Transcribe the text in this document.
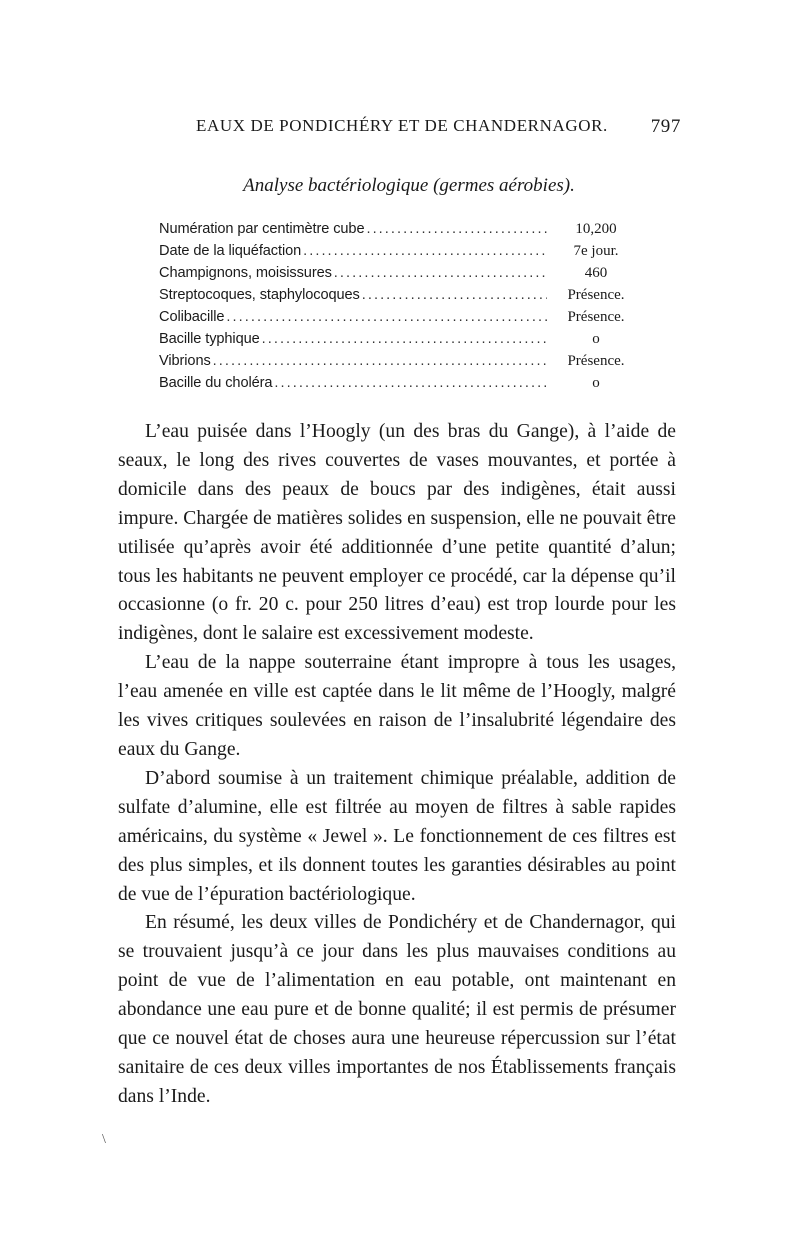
EAUX DE PONDICHÉRY ET DE CHANDERNAGOR. 797
Analyse bactériologique (germes aérobies).
Numération par centimètre cube . . .	10,200
Date de la liquéfaction . . .	7e jour.
Champignons, moisissures . . .	460
Streptocoques, staphylocoques . . .	Présence.
Colibacille . . .	Présence.
Bacille typhique . . .	o
Vibrions . . .	Présence.
Bacille du choléra . . .	o

L’eau puisée dans l’Hoogly (un des bras du Gange), à l’aide de seaux, le long des rives couvertes de vases mouvantes, et portée à domicile dans des peaux de boucs par des indigènes, était aussi impure. Chargée de matières solides en suspension, elle ne pouvait être utilisée qu’après avoir été additionnée d’une petite quantité d’alun; tous les habitants ne peuvent employer ce procédé, car la dépense qu’il occasionne (o fr. 20 c. pour 250 litres d’eau) est trop lourde pour les indigènes, dont le salaire est excessivement modeste.

L’eau de la nappe souterraine étant impropre à tous les usages, l’eau amenée en ville est captée dans le lit même de l’Hoogly, malgré les vives critiques soulevées en raison de l’insalubrité légendaire des eaux du Gange.

D’abord soumise à un traitement chimique préalable, addition de sulfate d’alumine, elle est filtrée au moyen de filtres à sable rapides américains, du système « Jewel ». Le fonctionnement de ces filtres est des plus simples, et ils donnent toutes les garanties désirables au point de vue de l’épuration bactériologique.

En résumé, les deux villes de Pondichéry et de Chandernagor, qui se trouvaient jusqu’à ce jour dans les plus mauvaises conditions au point de vue de l’alimentation en eau potable, ont maintenant en abondance une eau pure et de bonne qualité; il est permis de présumer que ce nouvel état de choses aura une heureuse répercussion sur l’état sanitaire de ces deux villes importantes de nos Établissements français dans l’Inde.

\
